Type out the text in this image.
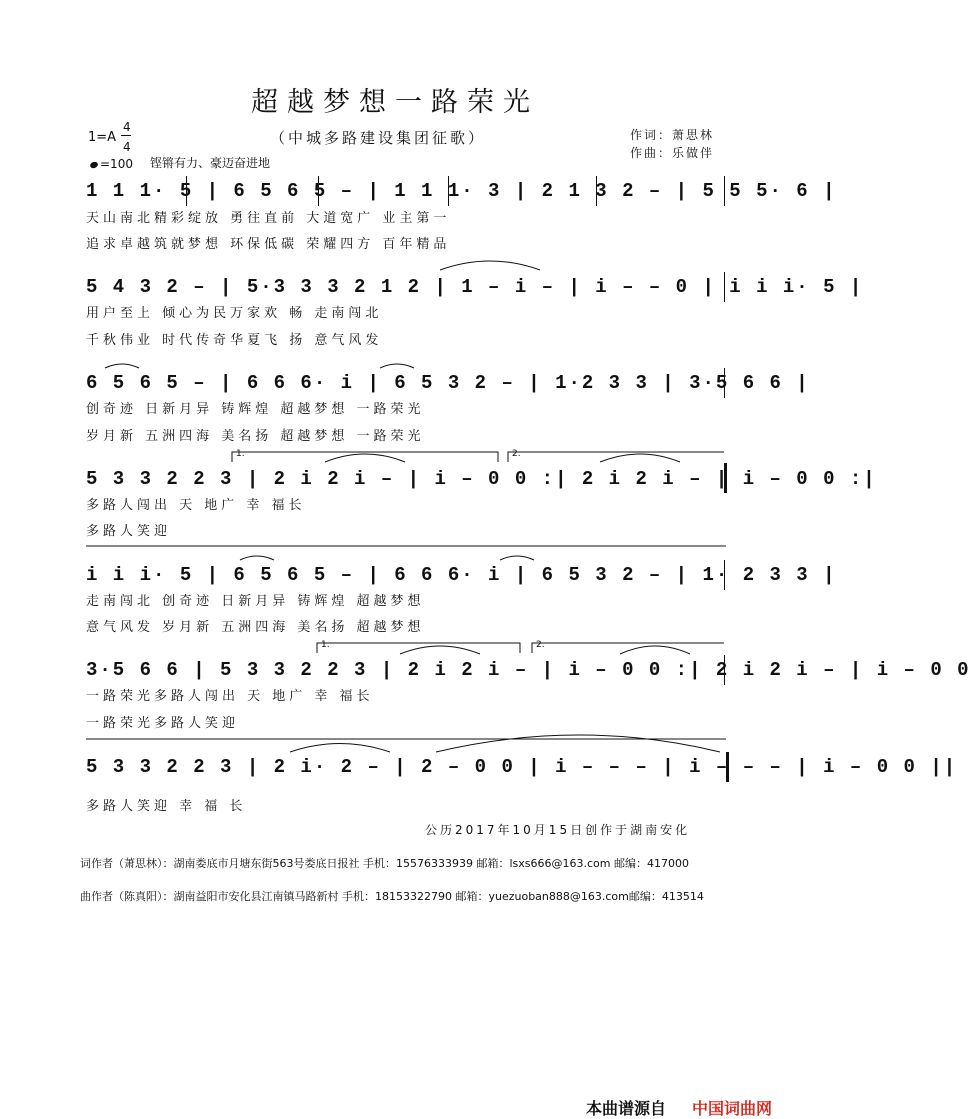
超越梦想一路荣光
（中城多路建设集团征歌）
1=A
4
4
=100 铿锵有力、豪迈奋进地
作词：萧思林
作曲：乐做伴
1 1 1· 5 | 6 5 6 5 – | 1 1 1· 3 | 2 1 3 2 – | 5 5 5· 6 |
天山南北精彩绽放 勇往直前 大道宽广 业主第一
追求卓越筑就梦想 环保低碳 荣耀四方 百年精品
5 4 3 2 – | 5·3 3 3 2 1 2 | 1 – i – | i – – 0 | i i i· 5 |
用户至上 倾心为民万家欢 畅 走南闯北
千秋伟业 时代传奇华夏飞 扬 意气风发
6 5 6 5 – | 6 6 6· i | 6 5 3 2 – | 1·2 3 3 | 3·5 6 6 |
创奇迹 日新月异 铸辉煌 超越梦想 一路荣光
岁月新 五洲四海 美名扬 超越梦想 一路荣光
1.	2.
5 3 3 2 2 3 | 2 i 2 i – | i – 0 0 :| 2 i 2 i – | i – 0 0 :|
多路人闯出 天 地广 幸 福长
多路人笑迎
i i i· 5 | 6 5 6 5 – | 6 6 6· i | 6 5 3 2 – | 1· 2 3 3 |
走南闯北 创奇迹 日新月异 铸辉煌 超越梦想
意气风发 岁月新 五洲四海 美名扬 超越梦想
1.	2.
3·5 6 6 | 5 3 3 2 2 3 | 2 i 2 i – | i – 0 0 :| 2 i 2 i – | i – 0 0
一路荣光多路人闯出 天 地广 幸 福长
一路荣光多路人笑迎
5 3 3 2 2 3 | 2 i· 2 – | 2 – 0 0 | i – – – | i – – – | i – 0 0 ||
多路人笑迎 幸 福 长
公历2017年10月15日创作于湖南安化
词作者（萧思林）：湖南娄底市月塘东街563号娄底日报社 手机：15576333939 邮箱：lsxs666@163.com 邮编：417000
曲作者（陈真阳）：湖南益阳市安化县江南镇马路新村 手机：18153322790 邮箱：yuezuoban888@163.com邮编：413514
本曲谱源自 中国词曲网
